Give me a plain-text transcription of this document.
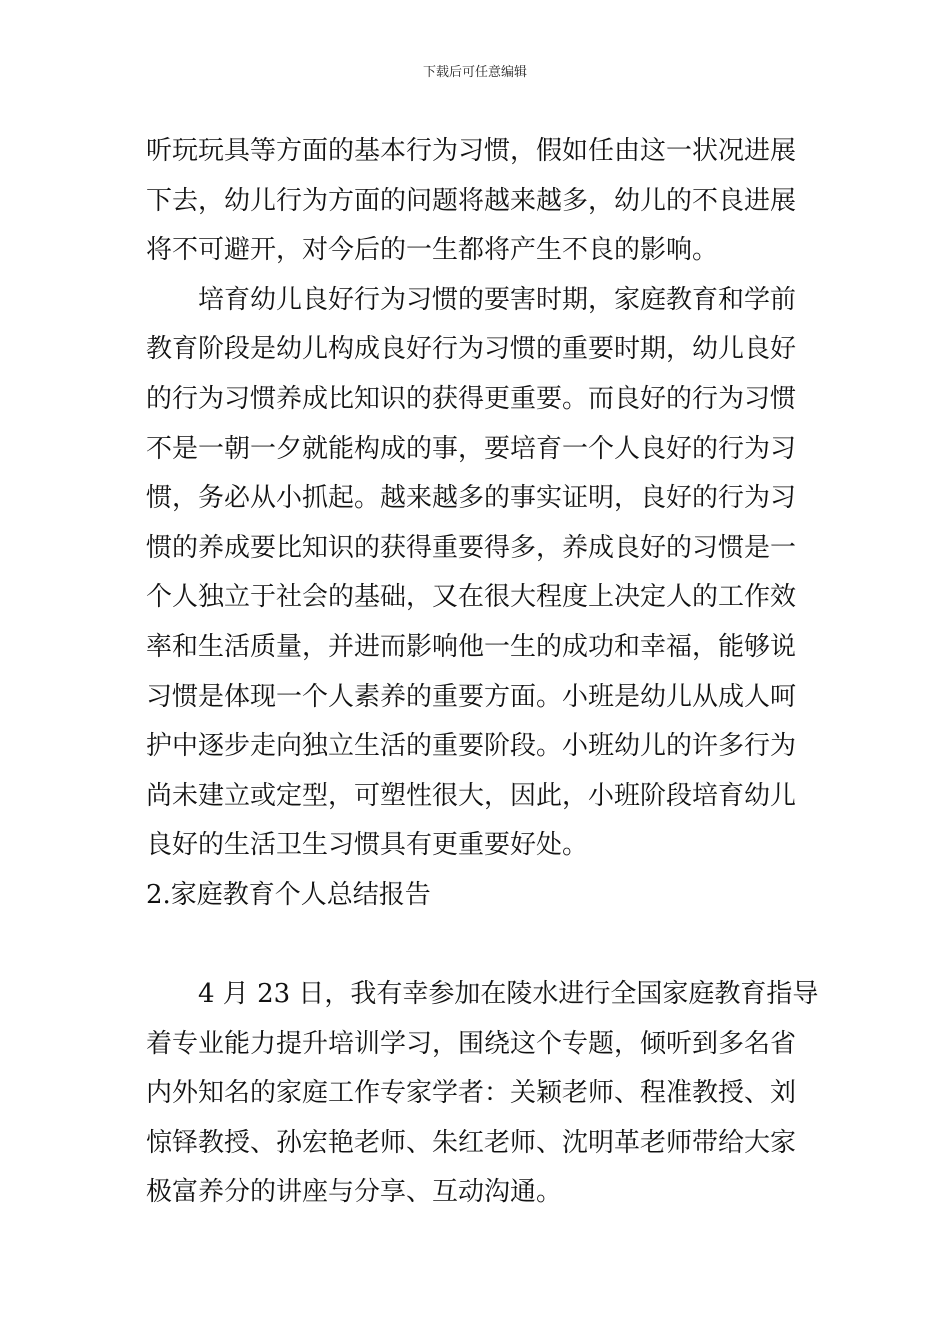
下载后可任意编辑

听玩玩具等方面的基本行为习惯，假如任由这一状况进展

下去，幼儿行为方面的问题将越来越多，幼儿的不良进展

将不可避开，对今后的一生都将产生不良的影响。

培育幼儿良好行为习惯的要害时期，家庭教育和学前

教育阶段是幼儿构成良好行为习惯的重要时期，幼儿良好

的行为习惯养成比知识的获得更重要。而良好的行为习惯

不是一朝一夕就能构成的事，要培育一个人良好的行为习

惯，务必从小抓起。越来越多的事实证明，良好的行为习

惯的养成要比知识的获得重要得多，养成良好的习惯是一

个人独立于社会的基础，又在很大程度上决定人的工作效

率和生活质量，并进而影响他一生的成功和幸福，能够说

习惯是体现一个人素养的重要方面。小班是幼儿从成人呵

护中逐步走向独立生活的重要阶段。小班幼儿的许多行为

尚未建立或定型，可塑性很大，因此，小班阶段培育幼儿

良好的生活卫生习惯具有更重要好处。

2.家庭教育个人总结报告

4 月 23 日，我有幸参加在陵水进行全国家庭教育指导

着专业能力提升培训学习，围绕这个专题，倾听到多名省

内外知名的家庭工作专家学者：关颖老师、程准教授、刘

惊铎教授、孙宏艳老师、朱红老师、沈明革老师带给大家

极富养分的讲座与分享、互动沟通。
